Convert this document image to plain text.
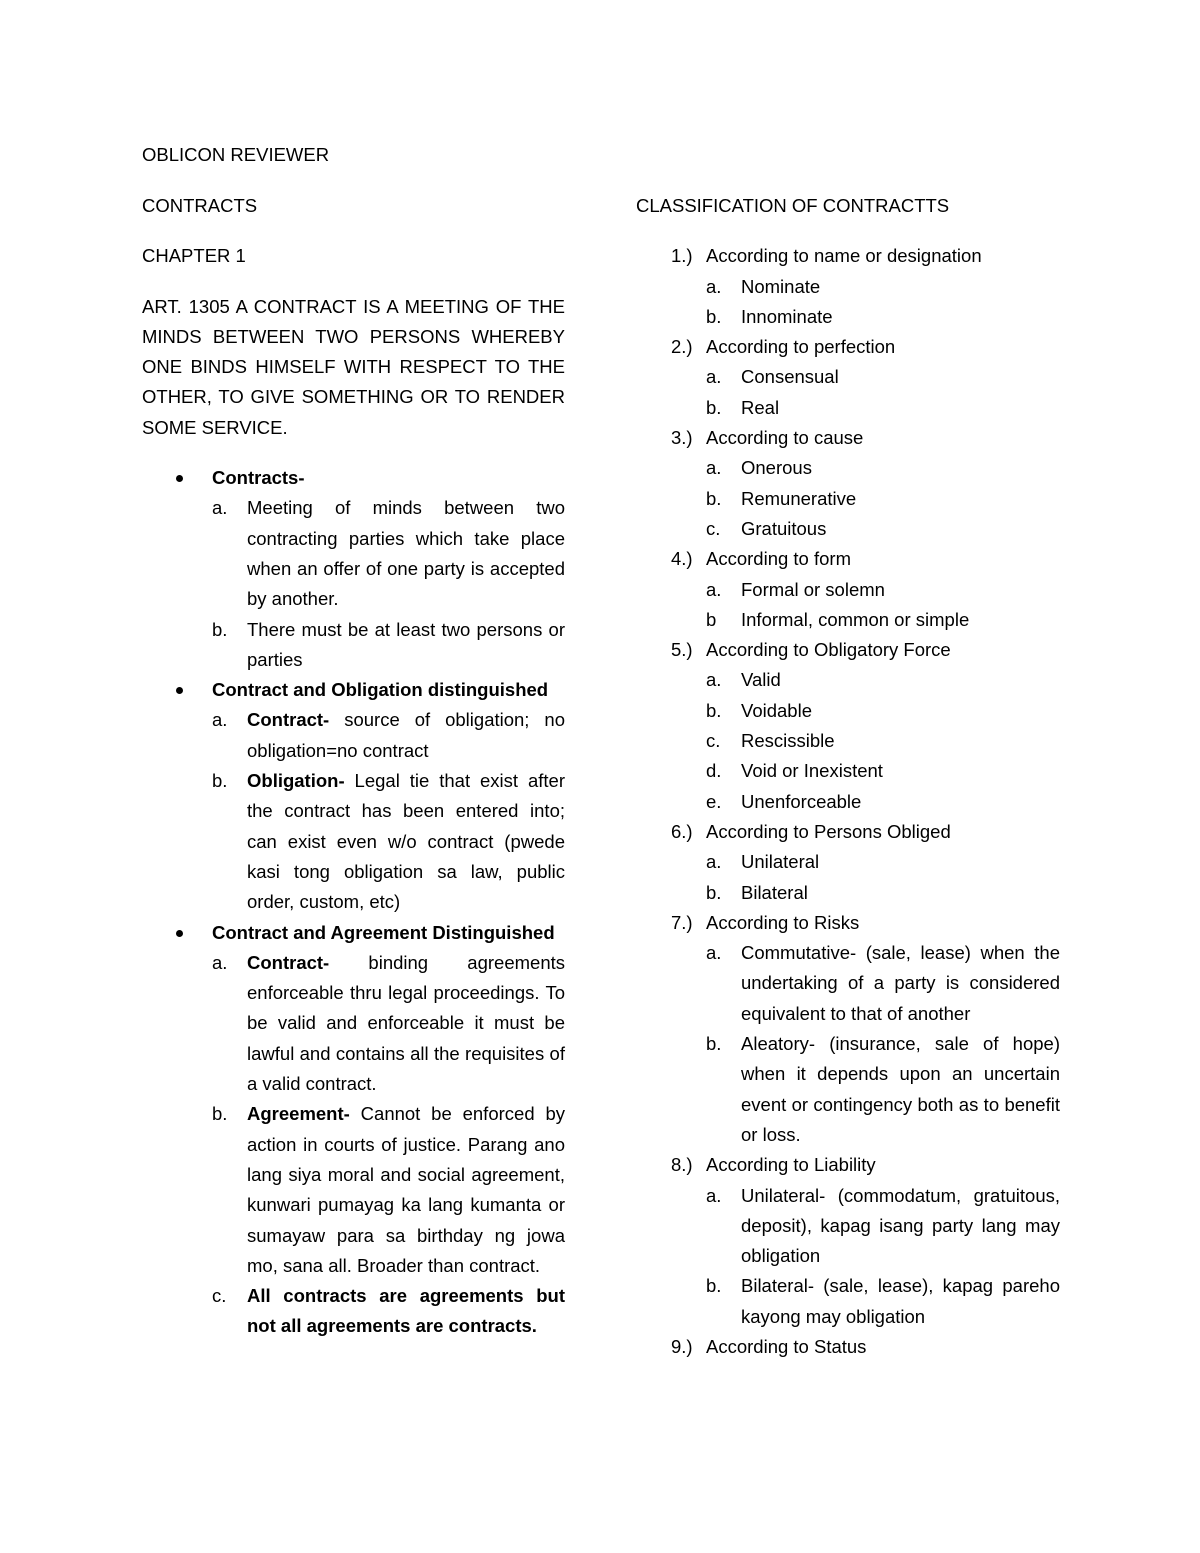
OBLICON REVIEWER

CONTRACTS

CHAPTER 1

ART. 1305 A CONTRACT IS A MEETING OF THE MINDS BETWEEN TWO PERSONS WHEREBY ONE BINDS HIMSELF WITH RESPECT TO THE OTHER, TO GIVE SOMETHING OR TO RENDER SOME SERVICE.

Contracts-

a. Meeting of minds between two contracting parties which take place when an offer of one party is accepted by another.
b. There must be at least two persons or parties

Contract and Obligation distinguished

a. Contract- source of obligation; no obligation=no contract
b. Obligation- Legal tie that exist after the contract has been entered into; can exist even w/o contract (pwede kasi tong obligation sa law, public order, custom, etc)

Contract and Agreement Distinguished

a. Contract- binding agreements enforceable thru legal proceedings. To be valid and enforceable it must be lawful and contains all the requisites of a valid contract.
b. Agreement- Cannot be enforced by action in courts of justice. Parang ano lang siya moral and social agreement, kunwari pumayag ka lang kumanta or sumayaw para sa birthday ng jowa mo, sana all. Broader than contract.
c. All contracts are agreements but not all agreements are contracts.

CLASSIFICATION OF CONTRACTTS

1.) According to name or designation

a. Nominate
b. Innominate
2.) According to perfection

a. Consensual
b. Real
3.) According to cause

a. Onerous
b. Remunerative
c. Gratuitous
4.) According to form

a. Formal or solemn
b Informal, common or simple
5.) According to Obligatory Force

a. Valid
b. Voidable
c. Rescissible
d. Void or Inexistent
e. Unenforceable
6.) According to Persons Obliged

a. Unilateral
b. Bilateral
7.) According to Risks

a. Commutative- (sale, lease) when the undertaking of a party is considered equivalent to that of another
b. Aleatory- (insurance, sale of hope) when it depends upon an uncertain event or contingency both as to benefit or loss.
8.) According to Liability

a. Unilateral- (commodatum, gratuitous, deposit), kapag isang party lang may obligation
b. Bilateral- (sale, lease), kapag pareho kayong may obligation
9.) According to Status
